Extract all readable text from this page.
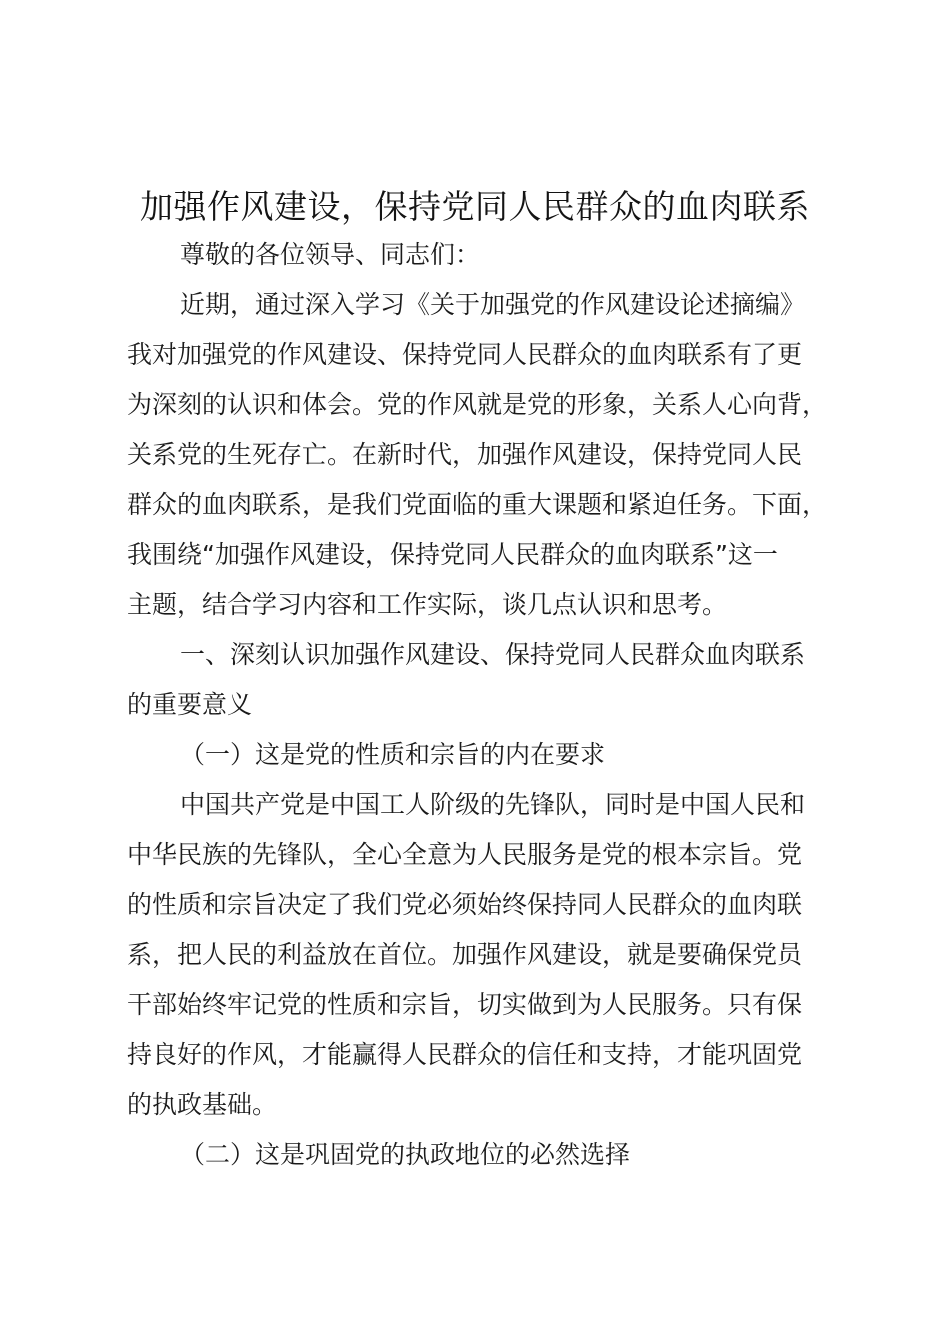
加强作风建设，保持党同人民群众的血肉联系

尊敬的各位领导、同志们：

近期，通过深入学习《关于加强党的作风建设论述摘编》

我对加强党的作风建设、保持党同人民群众的血肉联系有了更

为深刻的认识和体会。党的作风就是党的形象，关系人心向背，

关系党的生死存亡。在新时代，加强作风建设，保持党同人民

群众的血肉联系，是我们党面临的重大课题和紧迫任务。下面，

我围绕“加强作风建设，保持党同人民群众的血肉联系”这一

主题，结合学习内容和工作实际，谈几点认识和思考。

一、深刻认识加强作风建设、保持党同人民群众血肉联系

的重要意义

（一）这是党的性质和宗旨的内在要求

中国共产党是中国工人阶级的先锋队，同时是中国人民和

中华民族的先锋队，全心全意为人民服务是党的根本宗旨。党

的性质和宗旨决定了我们党必须始终保持同人民群众的血肉联

系，把人民的利益放在首位。加强作风建设，就是要确保党员

干部始终牢记党的性质和宗旨，切实做到为人民服务。只有保

持良好的作风，才能赢得人民群众的信任和支持，才能巩固党

的执政基础。

（二）这是巩固党的执政地位的必然选择
